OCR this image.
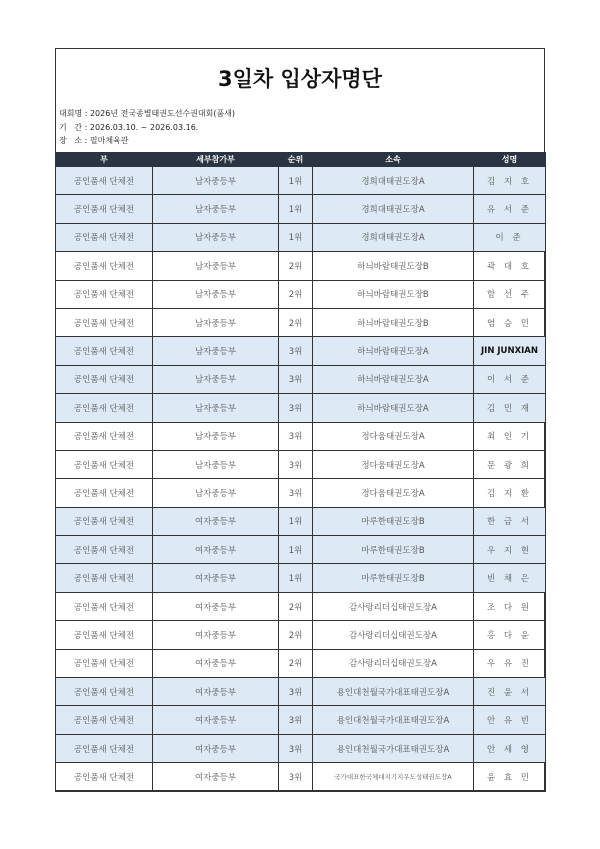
3일차 입상자명단
대회명 : 2026년 전국종별태권도선수권대회(품새)
기   간 : 2026.03.10. ~ 2026.03.16.
장   소 : 필마체육관
부	세부참가부	순위	소속	성명
공인품새 단체전	남자중등부	1위	경희대태권도장A	김 지 호
공인품새 단체전	남자중등부	1위	경희대태권도장A	유 서 준
공인품새 단체전	남자중등부	1위	경희대태권도장A	이 준
공인품새 단체전	남자중등부	2위	하늬바람태권도장B	곽 대 호
공인품새 단체전	남자중등부	2위	하늬바람태권도장B	함 선 주
공인품새 단체전	남자중등부	2위	하늬바람태권도장B	엄 승 민
공인품새 단체전	남자중등부	3위	하늬바람태권도장A	JIN JUNXIAN
공인품새 단체전	남자중등부	3위	하늬바람태권도장A	이 서 준
공인품새 단체전	남자중등부	3위	하늬바람태권도장A	김 민 재
공인품새 단체전	남자중등부	3위	정다움태권도장A	최 인 기
공인품새 단체전	남자중등부	3위	정다움태권도장A	문 광 희
공인품새 단체전	남자중등부	3위	정다움태권도장A	김 지 환
공인품새 단체전	여자중등부	1위	마루한태권도장B	한 금 서
공인품새 단체전	여자중등부	1위	마루한태권도장B	우 지 현
공인품새 단체전	여자중등부	1위	마루한태권도장B	빈 채 은
공인품새 단체전	여자중등부	2위	감사랑리더십태권도장A	조 다 원
공인품새 단체전	여자중등부	2위	감사랑리더십태권도장A	홍 다 윤
공인품새 단체전	여자중등부	2위	감사랑리더십태권도장A	우 유 진
공인품새 단체전	여자중등부	3위	용인대천월국가대표태권도장A	진 윤 서
공인품새 단체전	여자중등부	3위	용인대천월국가대표태권도장A	안 유 빈
공인품새 단체전	여자중등부	3위	용인대천월국가대표태권도장A	안 세 영
공인품새 단체전	여자중등부	3위	국가대표한국체대지기지우도성태권도장A	윤 효 민
